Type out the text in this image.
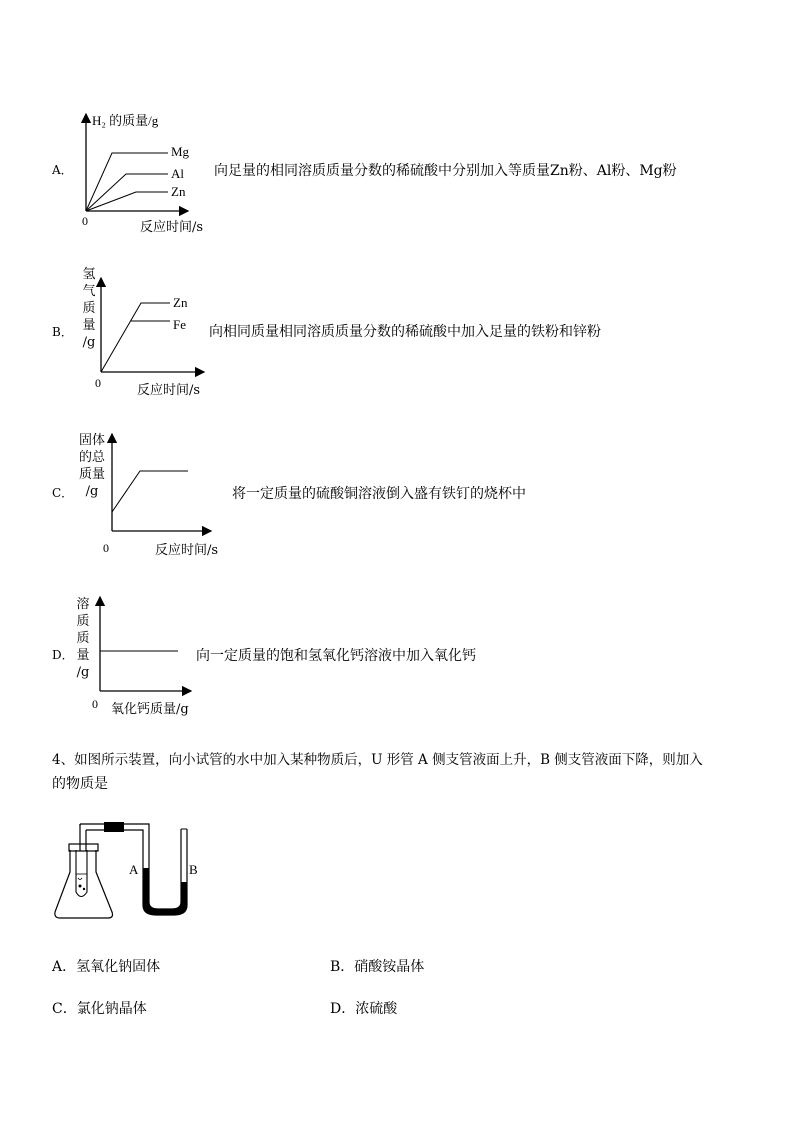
A．
H₂ 的质量/g
Mg
Al
Zn
0	反应时间/s
向足量的相同溶质质量分数的稀硫酸中分别加入等质量Zn粉、Al粉、Mg粉
B．
氢
气
质
量
/g
Zn
Fe
0	反应时间/s
向相同质量相同溶质质量分数的稀硫酸中加入足量的铁粉和锌粉
C．
固体
的总
质量
/g
0	反应时间/s
将一定质量的硫酸铜溶液倒入盛有铁钉的烧杯中
D．
溶
质
质
量
/g
0 氧化钙质量/g
向一定质量的饱和氢氧化钙溶液中加入氧化钙
4、如图所示装置，向小试管的水中加入某种物质后，U 形管 A 侧支管液面上升，B 侧支管液面下降，则加入
的物质是
A	B
A．氢氧化钠固体	B．硝酸铵晶体
C．氯化钠晶体	D．浓硫酸
